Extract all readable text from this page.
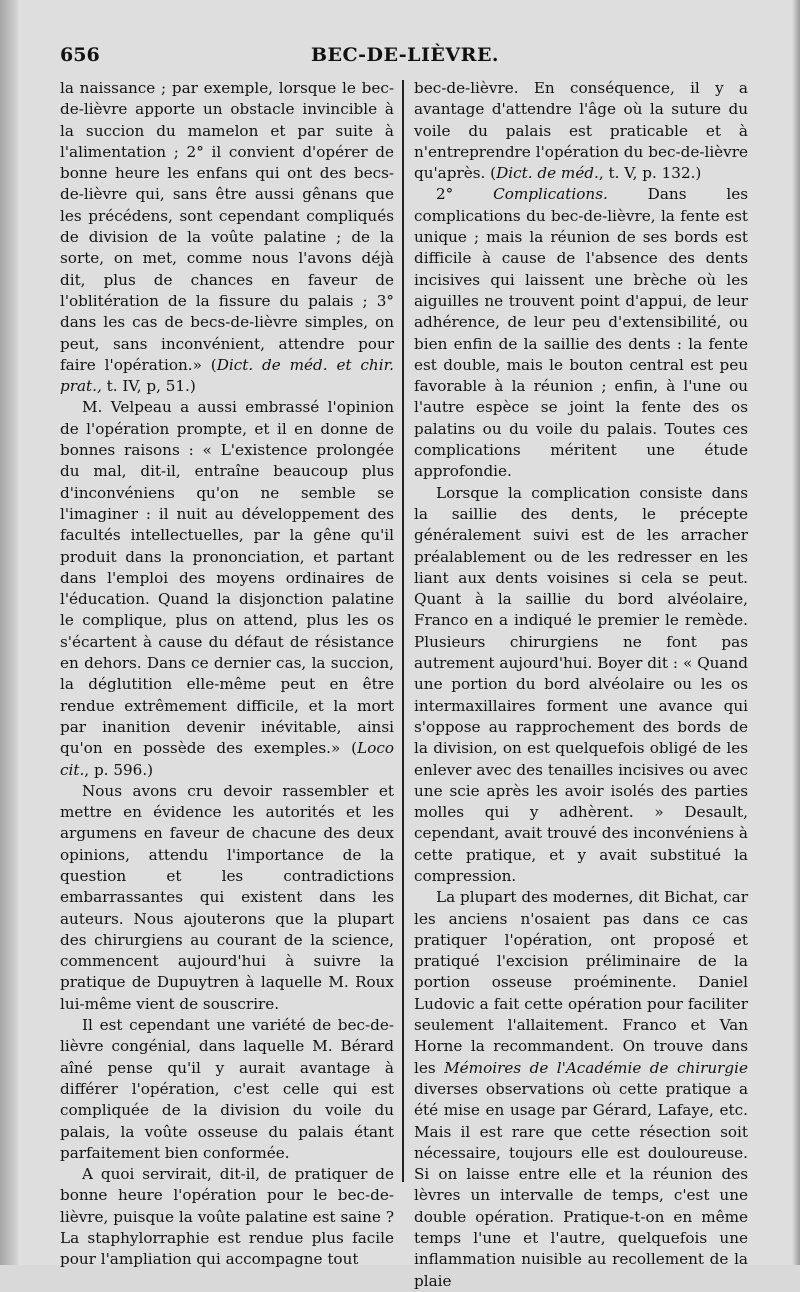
656	BEC-DE-LIÈVRE.

la naissance ; par exemple, lorsque le bec-de-lièvre apporte un obstacle invincible à la succion du mamelon et par suite à l'alimentation ; 2° il convient d'opérer de bonne heure les enfans qui ont des becs-de-lièvre qui, sans être aussi gênans que les précédens, sont cependant compliqués de division de la voûte palatine ; de la sorte, on met, comme nous l'avons déjà dit, plus de chances en faveur de l'oblitération de la fissure du palais ; 3° dans les cas de becs-de-lièvre simples, on peut, sans inconvénient, attendre pour faire l'opération.» (Dict. de méd. et chir. prat., t. IV, p, 51.)

M. Velpeau a aussi embrassé l'opinion de l'opération prompte, et il en donne de bonnes raisons : « L'existence prolongée du mal, dit-il, entraîne beaucoup plus d'inconvéniens qu'on ne semble se l'imaginer : il nuit au développement des facultés intellectuelles, par la gêne qu'il produit dans la prononciation, et partant dans l'emploi des moyens ordinaires de l'éducation. Quand la disjonction palatine le complique, plus on attend, plus les os s'écartent à cause du défaut de résistance en dehors. Dans ce dernier cas, la succion, la déglutition elle-même peut en être rendue extrêmement difficile, et la mort par inanition devenir inévitable, ainsi qu'on en possède des exemples.» (Loco cit., p. 596.)

Nous avons cru devoir rassembler et mettre en évidence les autorités et les argumens en faveur de chacune des deux opinions, attendu l'importance de la question et les contradictions embarrassantes qui existent dans les auteurs. Nous ajouterons que la plupart des chirurgiens au courant de la science, commencent aujourd'hui à suivre la pratique de Dupuytren à laquelle M. Roux lui-même vient de souscrire.

Il est cependant une variété de bec-de-lièvre congénial, dans laquelle M. Bérard aîné pense qu'il y aurait avantage à différer l'opération, c'est celle qui est compliquée de la division du voile du palais, la voûte osseuse du palais étant parfaitement bien conformée.

A quoi servirait, dit-il, de pratiquer de bonne heure l'opération pour le bec-de-lièvre, puisque la voûte palatine est saine ? La staphylorraphie est rendue plus facile pour l'ampliation qui accompagne tout

bec-de-lièvre. En conséquence, il y a avantage d'attendre l'âge où la suture du voile du palais est praticable et à n'entreprendre l'opération du bec-de-lièvre qu'après. (Dict. de méd., t. V, p. 132.)

2° Complications. Dans les complications du bec-de-lièvre, la fente est unique ; mais la réunion de ses bords est difficile à cause de l'absence des dents incisives qui laissent une brèche où les aiguilles ne trouvent point d'appui, de leur adhérence, de leur peu d'extensibilité, ou bien enfin de la saillie des dents : la fente est double, mais le bouton central est peu favorable à la réunion ; enfin, à l'une ou l'autre espèce se joint la fente des os palatins ou du voile du palais. Toutes ces complications méritent une étude approfondie.

Lorsque la complication consiste dans la saillie des dents, le précepte généralement suivi est de les arracher préalablement ou de les redresser en les liant aux dents voisines si cela se peut. Quant à la saillie du bord alvéolaire, Franco en a indiqué le premier le remède. Plusieurs chirurgiens ne font pas autrement aujourd'hui. Boyer dit : « Quand une portion du bord alvéolaire ou les os intermaxillaires forment une avance qui s'oppose au rapprochement des bords de la division, on est quelquefois obligé de les enlever avec des tenailles incisives ou avec une scie après les avoir isolés des parties molles qui y adhèrent. » Desault, cependant, avait trouvé des inconvéniens à cette pratique, et y avait substitué la compression.

La plupart des modernes, dit Bichat, car les anciens n'osaient pas dans ce cas pratiquer l'opération, ont proposé et pratiqué l'excision préliminaire de la portion osseuse proéminente. Daniel Ludovic a fait cette opération pour faciliter seulement l'allaitement. Franco et Van Horne la recommandent. On trouve dans les Mémoires de l'Académie de chirurgie diverses observations où cette pratique a été mise en usage par Gérard, Lafaye, etc. Mais il est rare que cette résection soit nécessaire, toujours elle est douloureuse. Si on laisse entre elle et la réunion des lèvres un intervalle de temps, c'est une double opération. Pratique-t-on en même temps l'une et l'autre, quelquefois une inflammation nuisible au recollement de la plaie
